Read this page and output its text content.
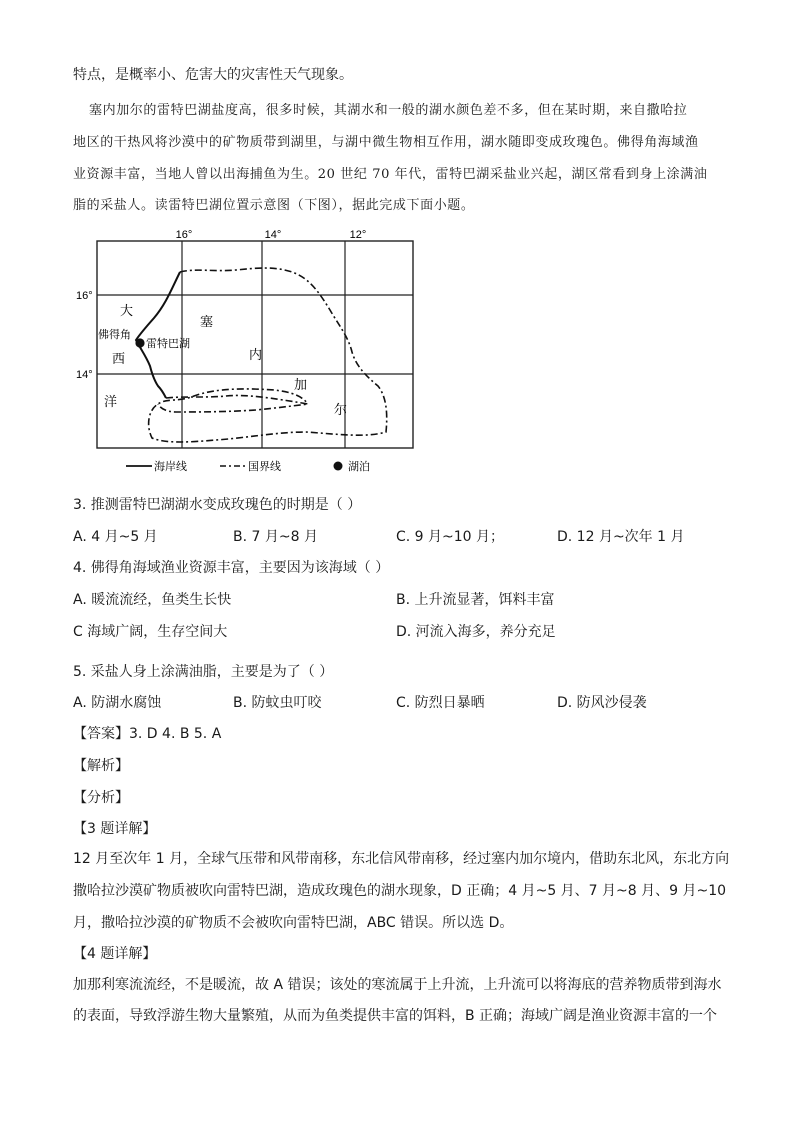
特点，是概率小、危害大的灾害性天气现象。
塞内加尔的雷特巴湖盐度高，很多时候，其湖水和一般的湖水颜色差不多，但在某时期，来自撒哈拉
地区的干热风将沙漠中的矿物质带到湖里，与湖中微生物相互作用，湖水随即变成玫瑰色。佛得角海域渔
业资源丰富，当地人曾以出海捕鱼为生。20 世纪 70 年代，雷特巴湖采盐业兴起，湖区常看到身上涂满油
脂的采盐人。读雷特巴湖位置示意图（下图），据此完成下面小题。
16°	14°	12°
16°
14°
大
西
洋
塞
内
加
尔
佛得角
雷特巴湖
海岸线	国界线	湖泊
3. 推测雷特巴湖湖水变成玫瑰色的时期是（ ）
A. 4 月~5 月	B. 7 月~8 月	C. 9 月~10 月；	D. 12 月~次年 1 月
4. 佛得角海域渔业资源丰富，主要因为该海域（ ）
A. 暖流流经，鱼类生长快	B. 上升流显著，饵料丰富
C 海域广阔，生存空间大	D. 河流入海多，养分充足
5. 采盐人身上涂满油脂，主要是为了（ ）
A. 防湖水腐蚀	B. 防蚊虫叮咬	C. 防烈日暴晒	D. 防风沙侵袭
【答案】3. D 4. B 5. A
【解析】
【分析】
【3 题详解】
12 月至次年 1 月，全球气压带和风带南移，东北信风带南移，经过塞内加尔境内，借助东北风，东北方向
撒哈拉沙漠矿物质被吹向雷特巴湖，造成玫瑰色的湖水现象，D 正确；4 月~5 月、7 月~8 月、9 月~10
月，撒哈拉沙漠的矿物质不会被吹向雷特巴湖，ABC 错误。所以选 D。
【4 题详解】
加那利寒流流经，不是暖流，故 A 错误；该处的寒流属于上升流，上升流可以将海底的营养物质带到海水
的表面，导致浮游生物大量繁殖，从而为鱼类提供丰富的饵料，B 正确；海域广阔是渔业资源丰富的一个
